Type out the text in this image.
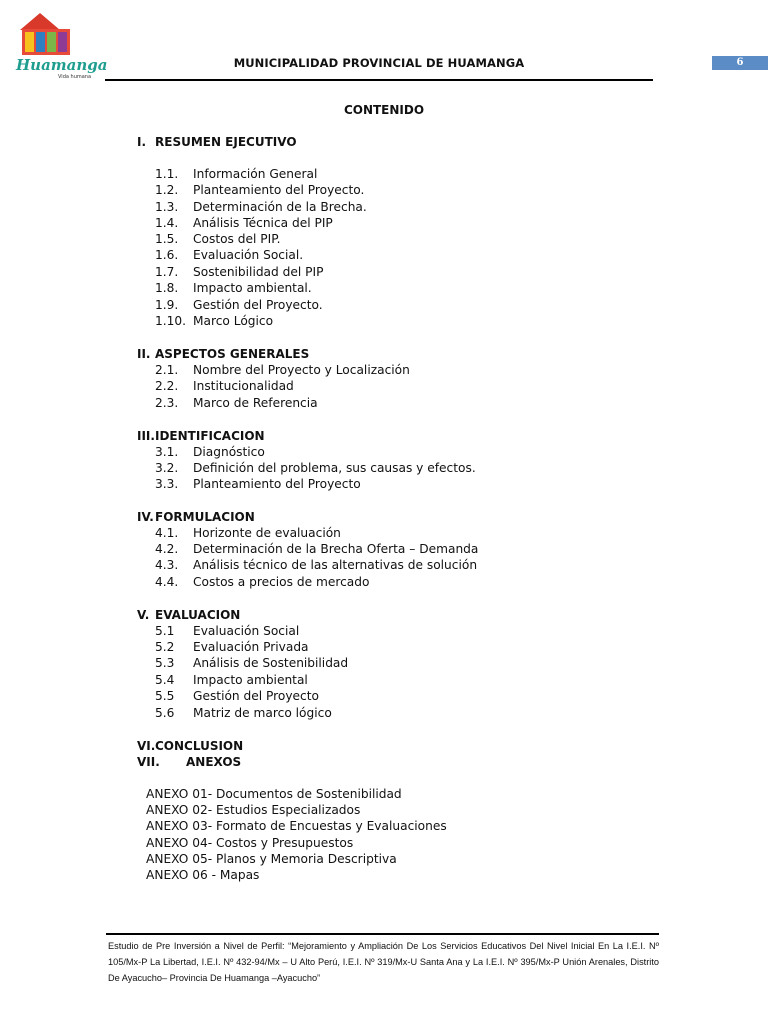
Huamanga
Vida humana
MUNICIPALIDAD PROVINCIAL DE HUAMANGA	6
CONTENIDO
I. RESUMEN EJECUTIVO
1.1. Información General
1.2. Planteamiento del Proyecto.
1.3. Determinación de la Brecha.
1.4. Análisis Técnica del PIP
1.5. Costos del PIP.
1.6. Evaluación Social.
1.7. Sostenibilidad del PIP
1.8. Impacto ambiental.
1.9. Gestión del Proyecto.
1.10. Marco Lógico
II. ASPECTOS GENERALES
2.1. Nombre del Proyecto y Localización
2.2. Institucionalidad
2.3. Marco de Referencia
III. IDENTIFICACION
3.1. Diagnóstico
3.2. Definición del problema, sus causas y efectos.
3.3. Planteamiento del Proyecto
IV. FORMULACION
4.1. Horizonte de evaluación
4.2. Determinación de la Brecha Oferta – Demanda
4.3. Análisis técnico de las alternativas de solución
4.4. Costos a precios de mercado
V. EVALUACION
5.1 Evaluación Social
5.2 Evaluación Privada
5.3 Análisis de Sostenibilidad
5.4 Impacto ambiental
5.5 Gestión del Proyecto
5.6 Matriz de marco lógico
VI. CONCLUSION
VII. ANEXOS
ANEXO 01- Documentos de Sostenibilidad
ANEXO 02- Estudios Especializados
ANEXO 03- Formato de Encuestas y Evaluaciones
ANEXO 04- Costos y Presupuestos
ANEXO 05- Planos y Memoria Descriptiva
ANEXO 06 - Mapas
Estudio de Pre Inversión a Nivel de Perfil: “Mejoramiento y Ampliación De Los Servicios Educativos Del Nivel Inicial En La I.E.I. Nº 105/Mx-P La Libertad, I.E.I. Nº 432-94/Mx – U Alto Perú, I.E.I. Nº 319/Mx-U Santa Ana y La I.E.I. Nº 395/Mx-P Unión Arenales, Distrito De Ayacucho– Provincia De Huamanga –Ayacucho”
